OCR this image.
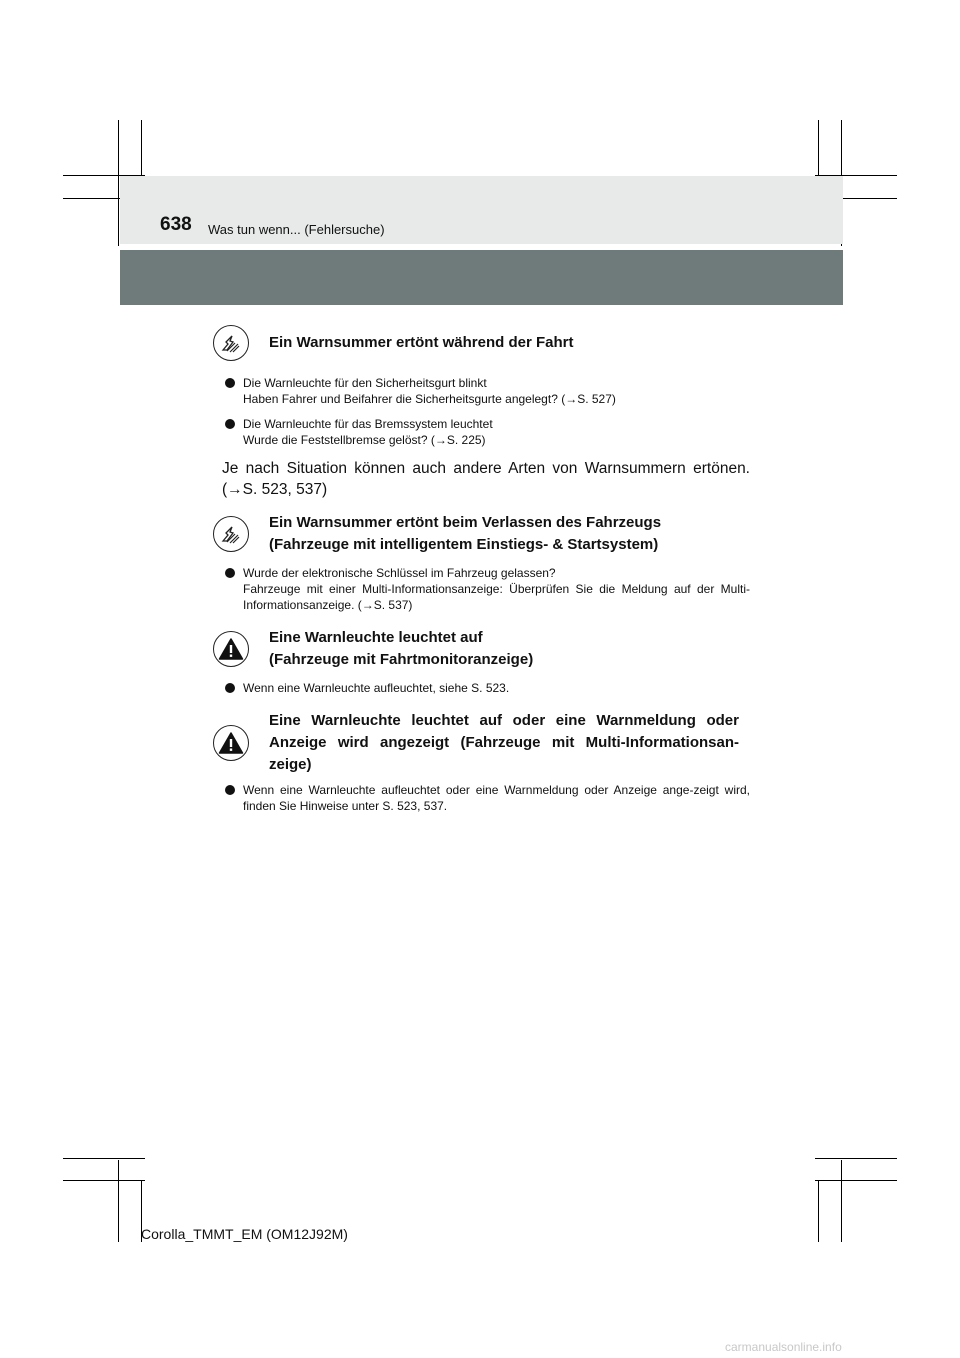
638 Was tun wenn... (Fehlersuche)
Ein Warnsummer ertönt während der Fahrt
Die Warnleuchte für den Sicherheitsgurt blinkt
Haben Fahrer und Beifahrer die Sicherheitsgurte angelegt? (→S. 527)
Die Warnleuchte für das Bremssystem leuchtet
Wurde die Feststellbremse gelöst? (→S. 225)
Je nach Situation können auch andere Arten von Warnsummern ertönen. (→S. 523, 537)
Ein Warnsummer ertönt beim Verlassen des Fahrzeugs
(Fahrzeuge mit intelligentem Einstiegs- & Startsystem)
Wurde der elektronische Schlüssel im Fahrzeug gelassen?
Fahrzeuge mit einer Multi-Informationsanzeige: Überprüfen Sie die Meldung auf der Multi-Informationsanzeige. (→S. 537)
Eine Warnleuchte leuchtet auf
(Fahrzeuge mit Fahrtmonitoranzeige)
Wenn eine Warnleuchte aufleuchtet, siehe S. 523.
Eine Warnleuchte leuchtet auf oder eine Warnmeldung oder Anzeige wird angezeigt (Fahrzeuge mit Multi-Informationsan-zeige)
Wenn eine Warnleuchte aufleuchtet oder eine Warnmeldung oder Anzeige ange-zeigt wird, finden Sie Hinweise unter S. 523, 537.
Corolla_TMMT_EM (OM12J92M)
carmanualsonline.info
